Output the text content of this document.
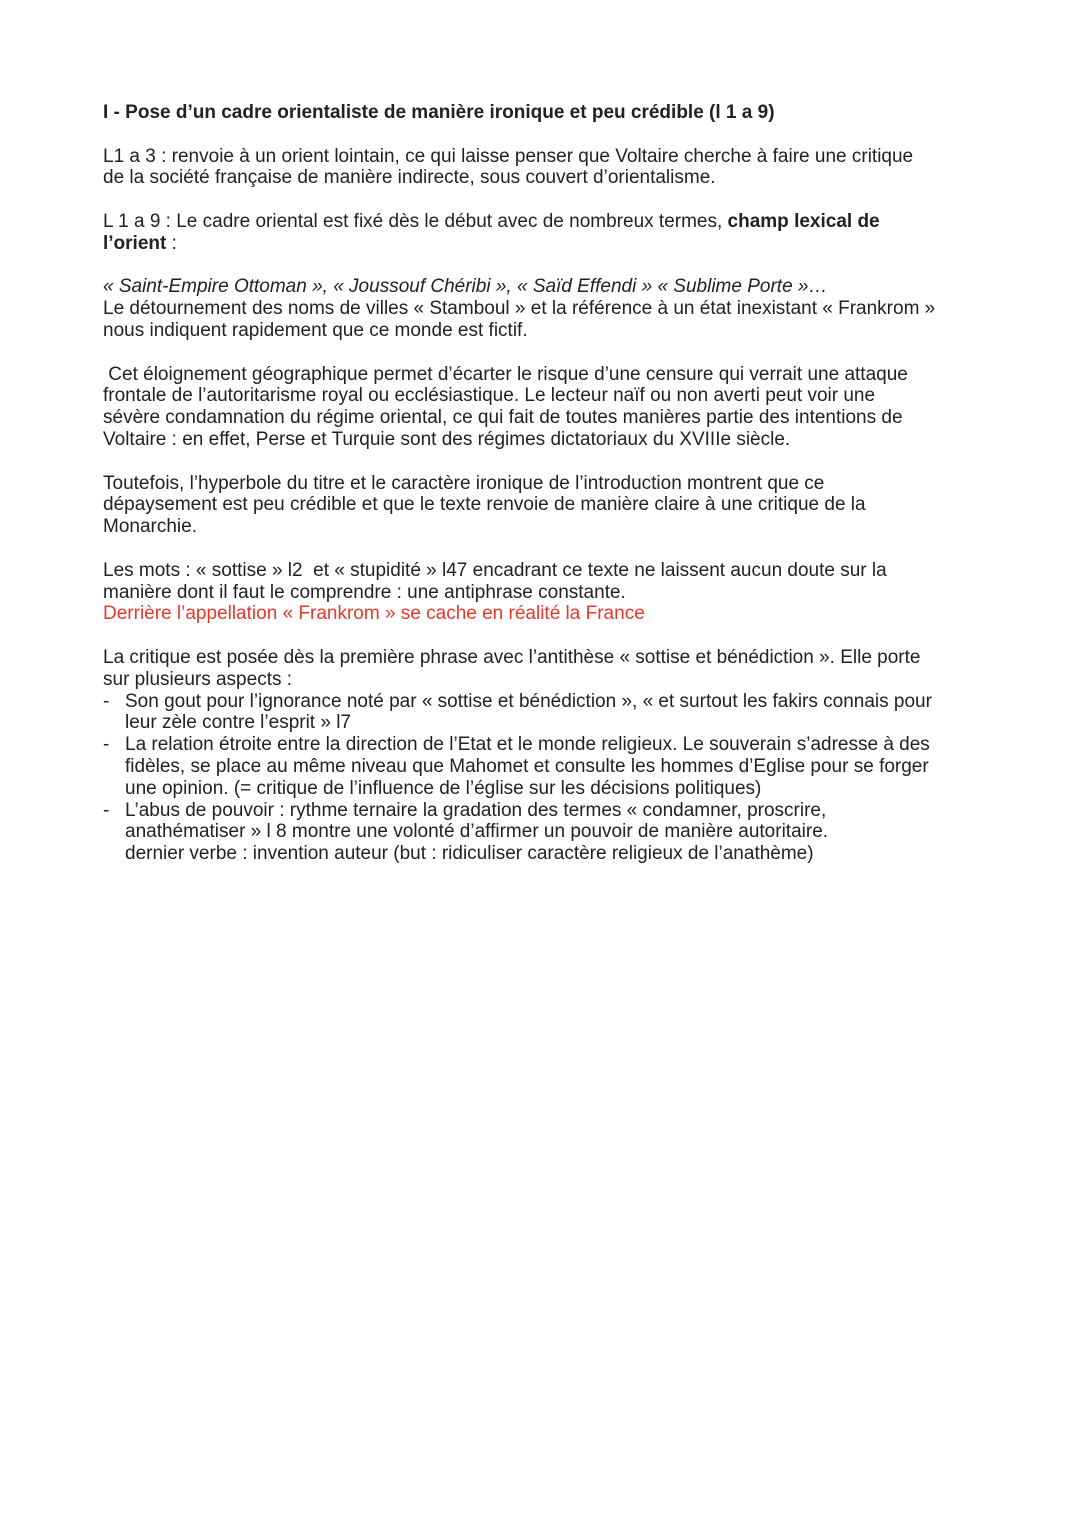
I - Pose d’un cadre orientaliste de manière ironique et peu crédible (l 1 a 9)
L1 a 3 : renvoie à un orient lointain, ce qui laisse penser que Voltaire cherche à faire une critique
de la société française de manière indirecte, sous couvert d’orientalisme.
L 1 a 9 : Le cadre oriental est fixé dès le début avec de nombreux termes, champ lexical de
l’orient :
« Saint-Empire Ottoman », « Joussouf Chéribi », « Saïd Effendi » « Sublime Porte »…
Le détournement des noms de villes « Stamboul » et la référence à un état inexistant « Frankrom »
nous indiquent rapidement que ce monde est fictif.
Cet éloignement géographique permet d’écarter le risque d’une censure qui verrait une attaque
frontale de l’autoritarisme royal ou ecclésiastique. Le lecteur naïf ou non averti peut voir une
sévère condamnation du régime oriental, ce qui fait de toutes manières partie des intentions de
Voltaire : en effet, Perse et Turquie sont des régimes dictatoriaux du XVIIIe siècle.
Toutefois, l’hyperbole du titre et le caractère ironique de l’introduction montrent que ce
dépaysement est peu crédible et que le texte renvoie de manière claire à une critique de la
Monarchie.
Les mots : « sottise » l2  et « stupidité » l47 encadrant ce texte ne laissent aucun doute sur la
manière dont il faut le comprendre : une antiphrase constante.
Derrière l’appellation « Frankrom » se cache en réalité la France
La critique est posée dès la première phrase avec l’antithèse « sottise et bénédiction ». Elle porte
sur plusieurs aspects :
- Son gout pour l’ignorance noté par « sottise et bénédiction », « et surtout les fakirs connais pour
leur zèle contre l’esprit » l7
- La relation étroite entre la direction de l’Etat et le monde religieux. Le souverain s’adresse à des
fidèles, se place au même niveau que Mahomet et consulte les hommes d’Eglise pour se forger
une opinion. (= critique de l’influence de l’église sur les décisions politiques)
- L’abus de pouvoir : rythme ternaire la gradation des termes « condamner, proscrire,
anathématiser » l 8 montre une volonté d’affirmer un pouvoir de manière autoritaire.
dernier verbe : invention auteur (but : ridiculiser caractère religieux de l’anathème)
